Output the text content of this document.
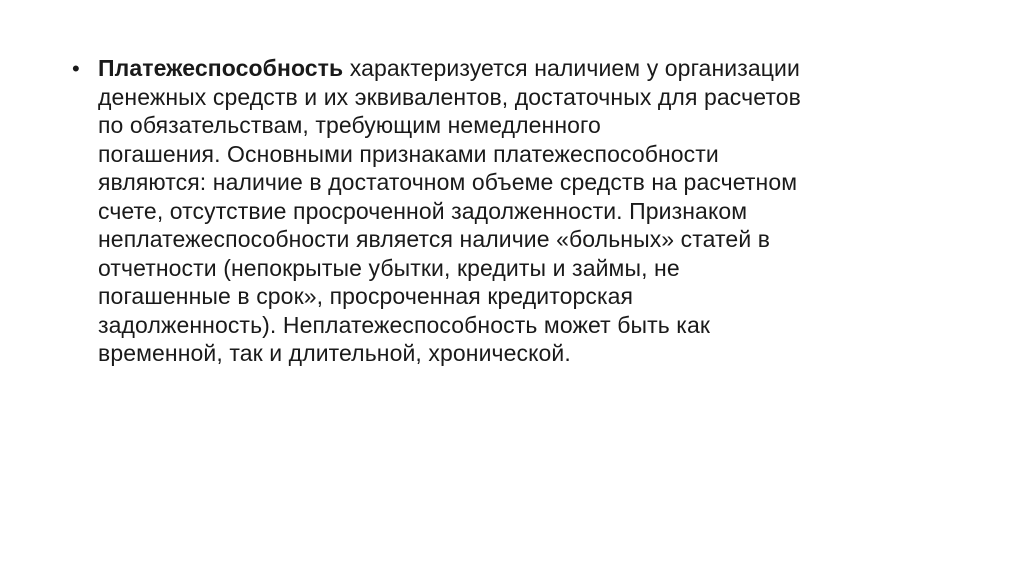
• Платежеспособность характеризуется наличием у организации
денежных средств и их эквивалентов, достаточных для расчетов
по обязательствам, требующим немедленного
погашения. Основными признаками платежеспособности
являются: наличие в достаточном объеме средств на расчетном
счете, отсутствие просроченной задолженности. Признаком
неплатежеспособности является наличие «больных» статей в
отчетности (непокрытые убытки, кредиты и займы, не
погашенные в срок», просроченная кредиторская
задолженность). Неплатежеспособность может быть как
временной, так и длительной, хронической.
